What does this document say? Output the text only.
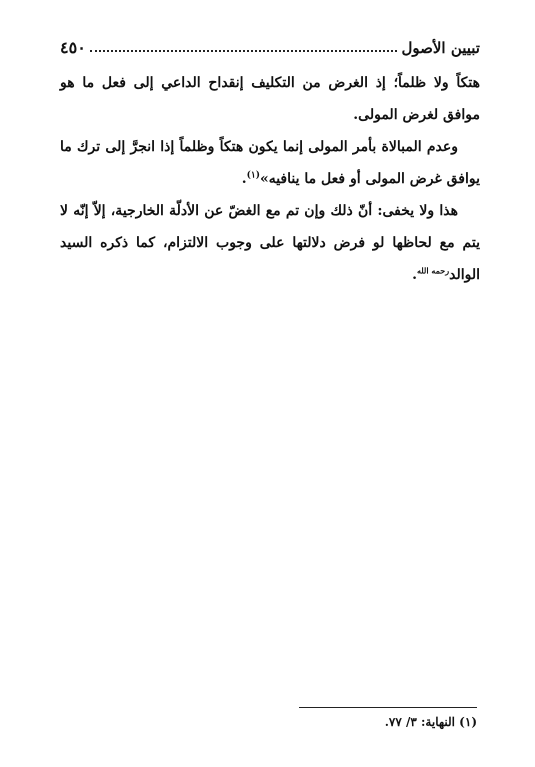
٤٥٠	تبيين الأصول

هتكاً ولا ظلماً؛ إذ الغرض من التكليف إنقداح الداعي إلى فعل ما هو موافق لغرض المولى.

وعدم المبالاة بأمر المولى إنما يكون هتكاً وظلماً إذا انجرَّ إلى ترك ما يوافق غرض المولى أو فعل ما ينافيه»$^{(١)}$.

هذا ولا يخفى: أنّ ذلك وإن تم مع الغضّ عن الأدلّة الخارجية، إلاّ إنّه لا يتم مع لحاظها لو فرض دلالتها على وجوب الالتزام، كما ذكره السيد الوالد$^{رحمه الله}$.

(١) النهاية: ٣/ ٧٧.
